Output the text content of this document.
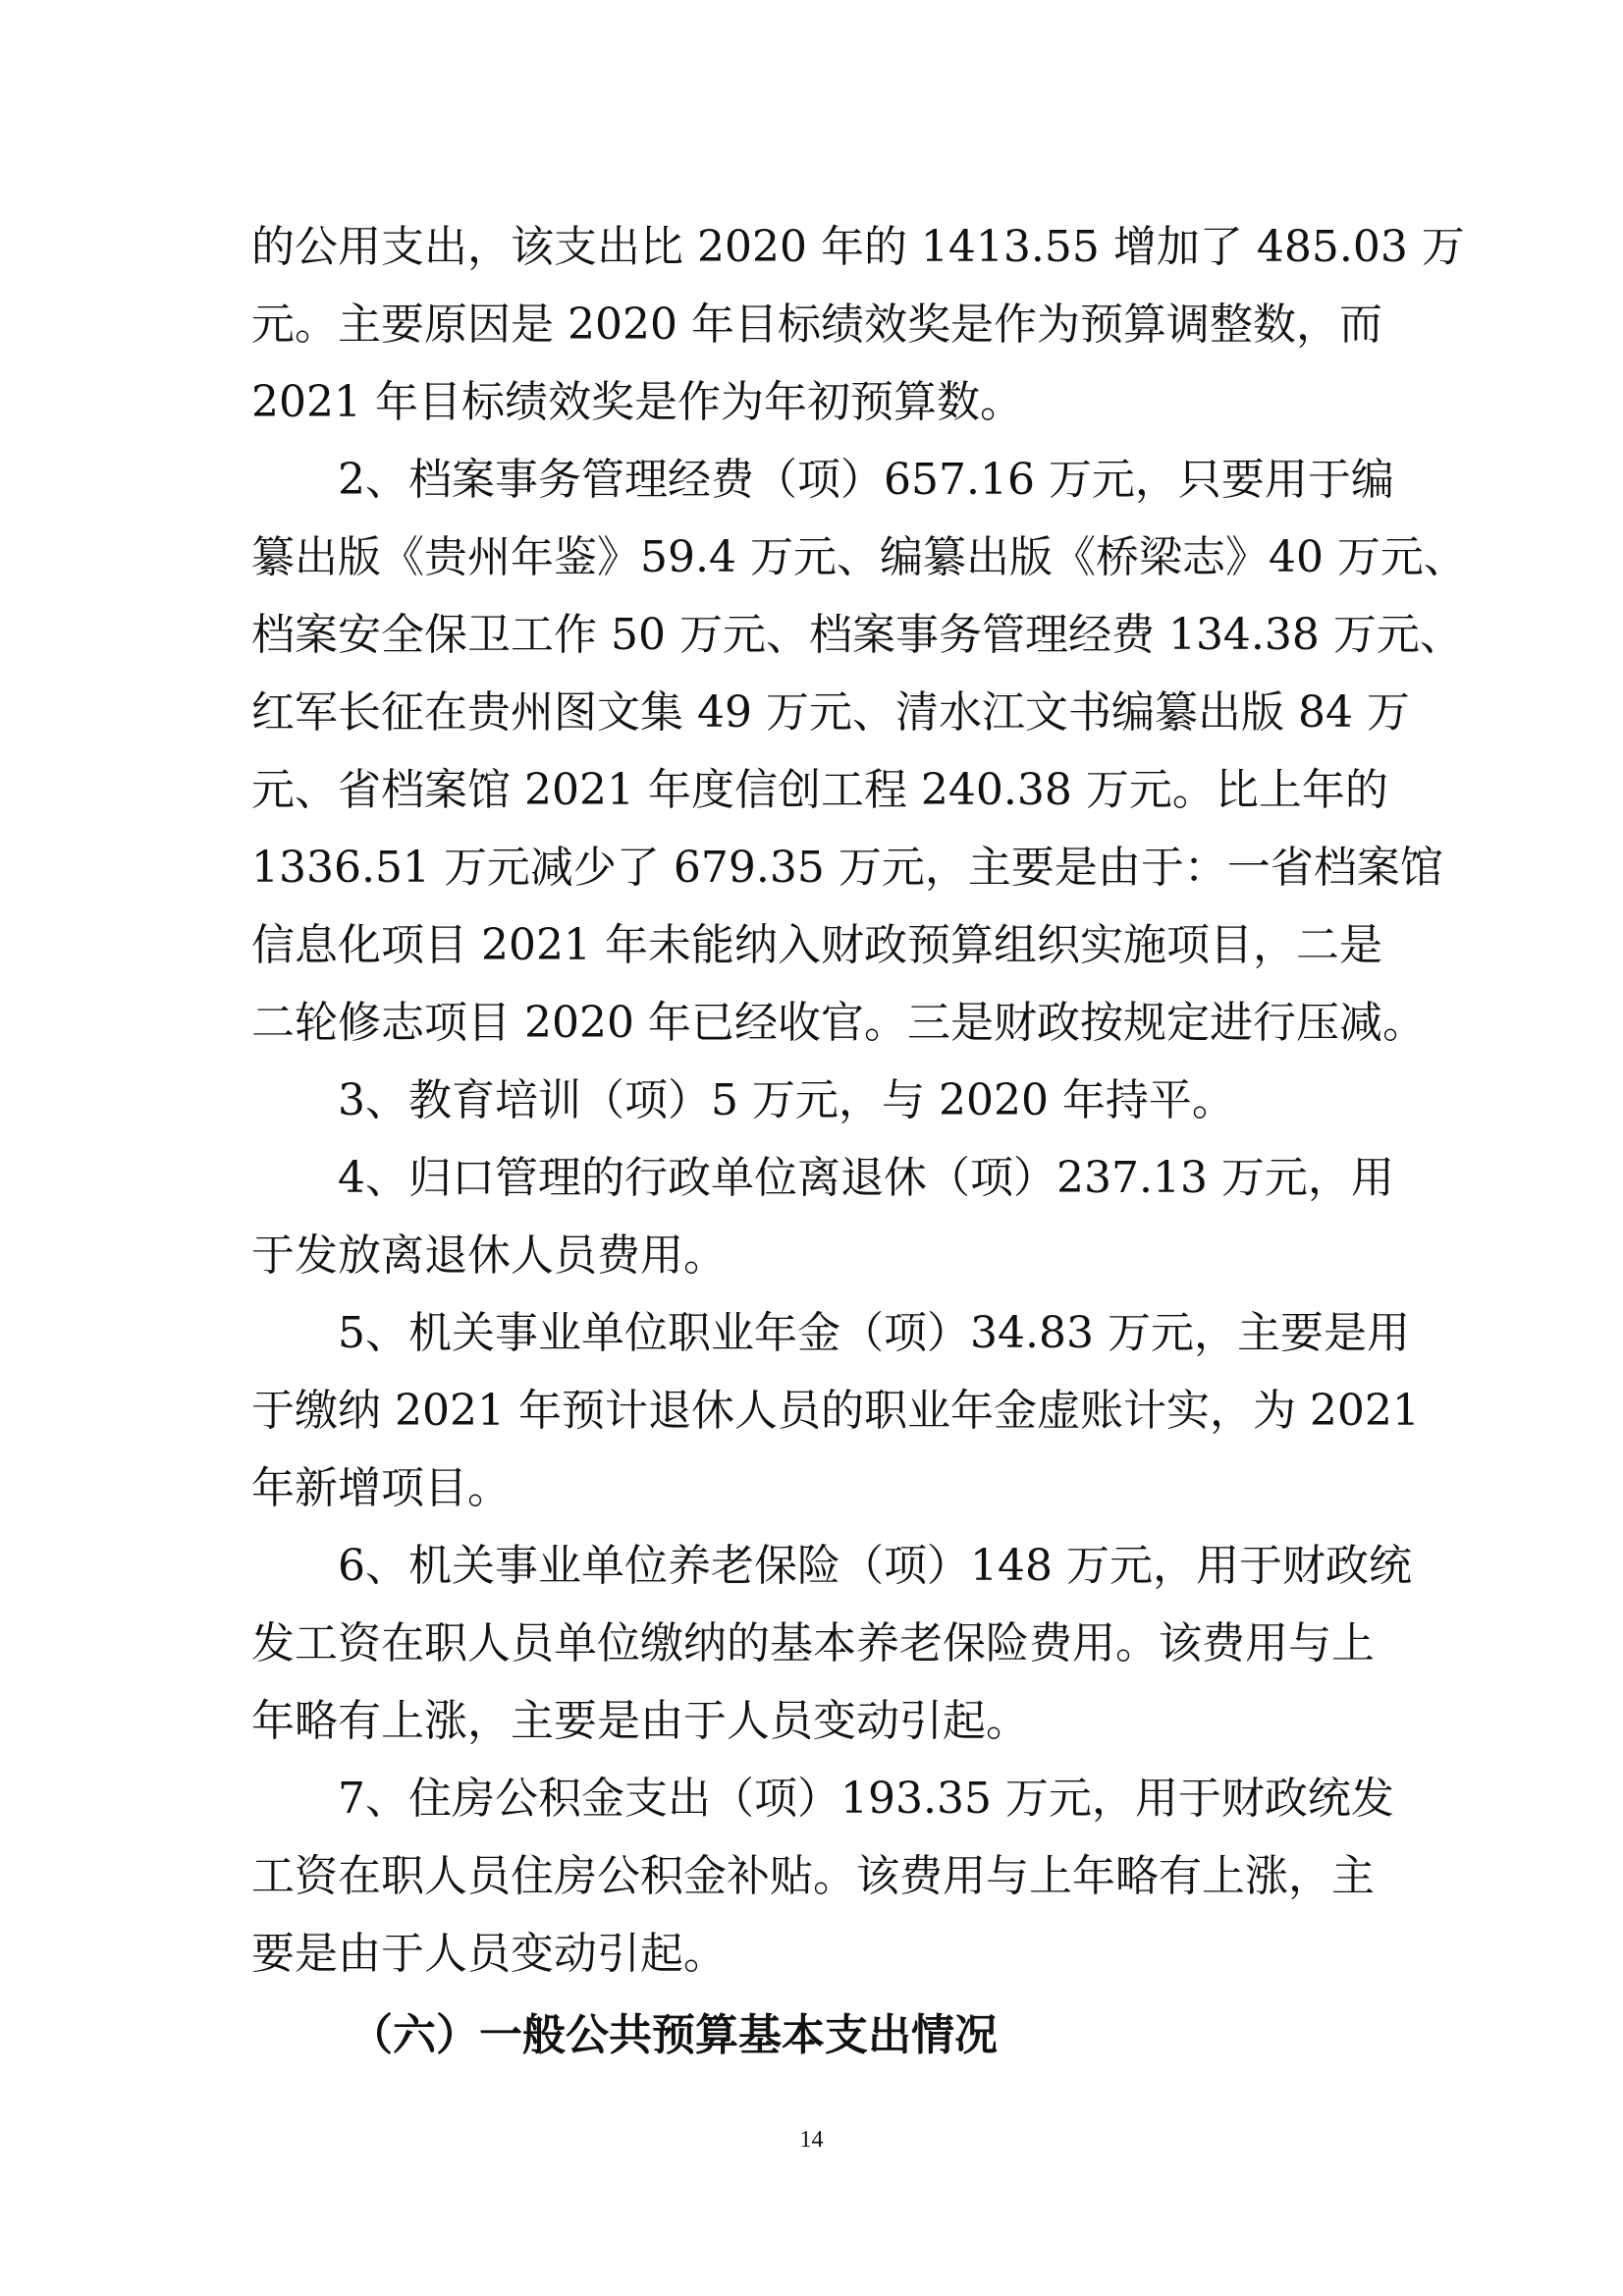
的公用支出，该支出比 2020 年的 1413.55 增加了 485.03 万
元。主要原因是 2020 年目标绩效奖是作为预算调整数，而
2021 年目标绩效奖是作为年初预算数。
2、档案事务管理经费（项）657.16 万元，只要用于编
纂出版《贵州年鉴》59.4 万元、编纂出版《桥梁志》40 万元、
档案安全保卫工作 50 万元、档案事务管理经费 134.38 万元、
红军长征在贵州图文集 49 万元、清水江文书编纂出版 84 万
元、省档案馆 2021 年度信创工程 240.38 万元。比上年的
1336.51 万元减少了 679.35 万元，主要是由于：一省档案馆
信息化项目 2021 年未能纳入财政预算组织实施项目，二是
二轮修志项目 2020 年已经收官。三是财政按规定进行压减。
3、教育培训（项）5 万元，与 2020 年持平。
4、归口管理的行政单位离退休（项）237.13 万元，用
于发放离退休人员费用。
5、机关事业单位职业年金（项）34.83 万元，主要是用
于缴纳 2021 年预计退休人员的职业年金虚账计实，为 2021
年新增项目。
6、机关事业单位养老保险（项）148 万元，用于财政统
发工资在职人员单位缴纳的基本养老保险费用。该费用与上
年略有上涨，主要是由于人员变动引起。
7、住房公积金支出（项）193.35 万元，用于财政统发
工资在职人员住房公积金补贴。该费用与上年略有上涨，主
要是由于人员变动引起。
（六）一般公共预算基本支出情况
14
